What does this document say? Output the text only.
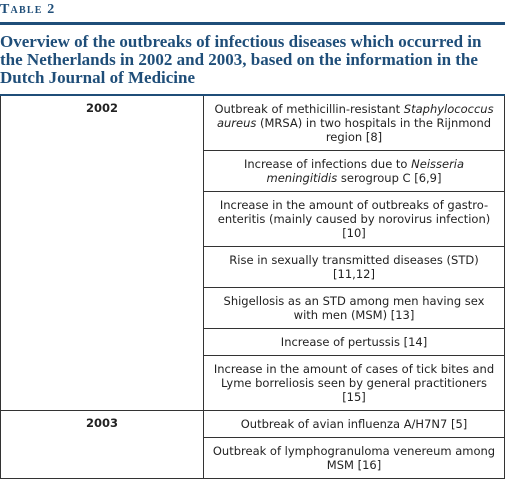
Table 2
Overview of the outbreaks of infectious diseases which occurred in the Netherlands in 2002 and 2003, based on the information in the Dutch Journal of Medicine
2002	Outbreak of methicillin-resistant Staphylococcus aureus (MRSA) in two hospitals in the Rijnmond region [8]
	Increase of infections due to Neisseria meningitidis serogroup C [6,9]
	Increase in the amount of outbreaks of gastro-enteritis (mainly caused by norovirus infection) [10]
	Rise in sexually transmitted diseases (STD) [11,12]
	Shigellosis as an STD among men having sex with men (MSM) [13]
	Increase of pertussis [14]
	Increase in the amount of cases of tick bites and Lyme borreliosis seen by general practitioners [15]
2003	Outbreak of avian influenza A/H7N7 [5]
	Outbreak of lymphogranuloma venereum among MSM [16]
